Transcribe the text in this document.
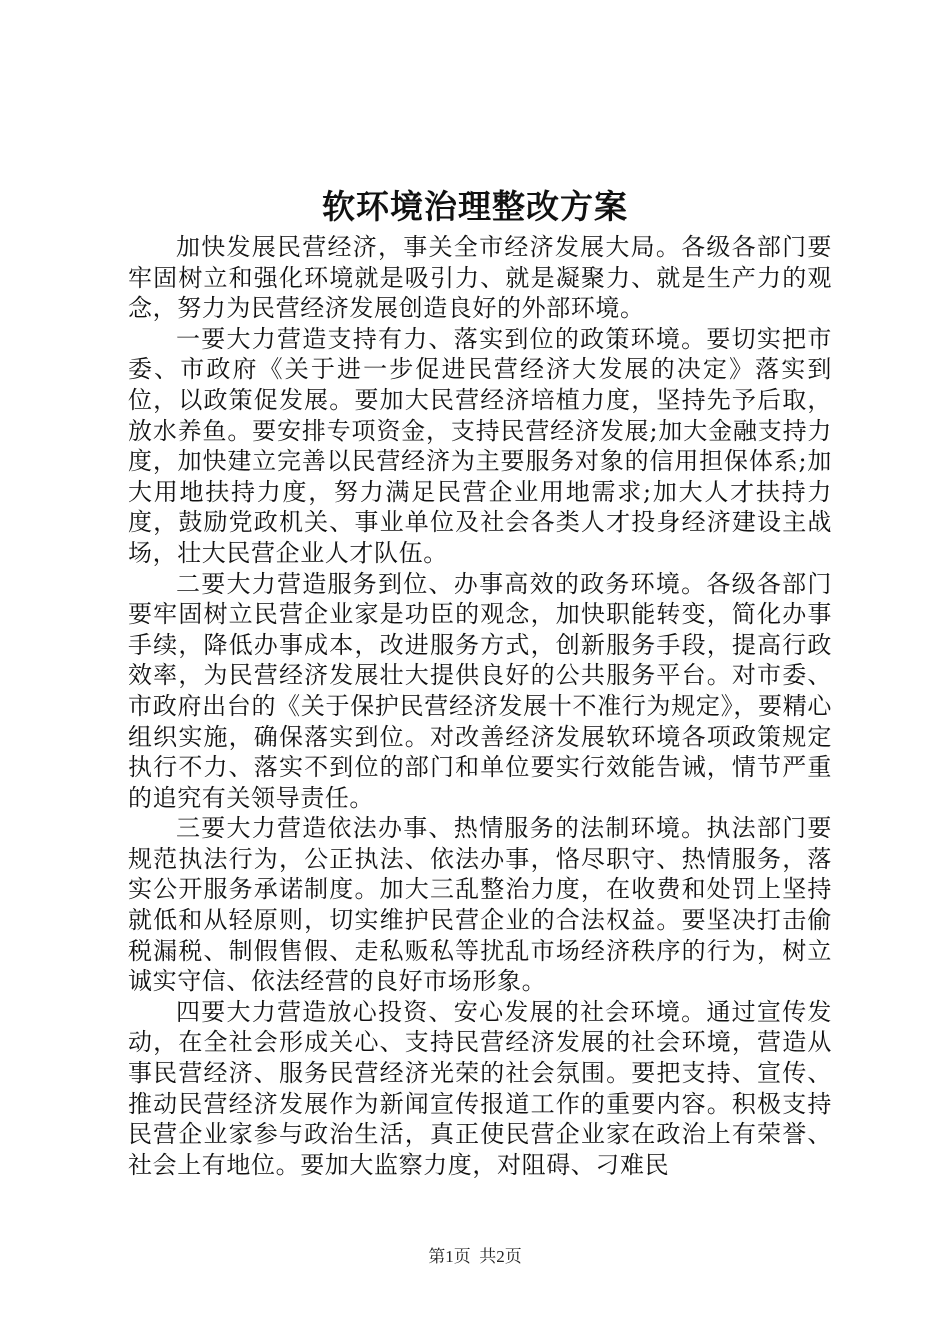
软环境治理整改方案

加快发展民营经济，事关全市经济发展大局。各级各部门要牢固树立和强化环境就是吸引力、就是凝聚力、就是生产力的观念，努力为民营经济发展创造良好的外部环境。

一要大力营造支持有力、落实到位的政策环境。要切实把市委、市政府《关于进一步促进民营经济大发展的决定》落实到位，以政策促发展。要加大民营经济培植力度，坚持先予后取，放水养鱼。要安排专项资金，支持民营经济发展;加大金融支持力度，加快建立完善以民营经济为主要服务对象的信用担保体系;加大用地扶持力度，努力满足民营企业用地需求;加大人才扶持力度，鼓励党政机关、事业单位及社会各类人才投身经济建设主战场，壮大民营企业人才队伍。

二要大力营造服务到位、办事高效的政务环境。各级各部门要牢固树立民营企业家是功臣的观念，加快职能转变，简化办事手续，降低办事成本，改进服务方式，创新服务手段，提高行政效率，为民营经济发展壮大提供良好的公共服务平台。对市委、市政府出台的《关于保护民营经济发展十不准行为规定》，要精心组织实施，确保落实到位。对改善经济发展软环境各项政策规定执行不力、落实不到位的部门和单位要实行效能告诫，情节严重的追究有关领导责任。

三要大力营造依法办事、热情服务的法制环境。执法部门要规范执法行为，公正执法、依法办事，恪尽职守、热情服务，落实公开服务承诺制度。加大三乱整治力度，在收费和处罚上坚持就低和从轻原则，切实维护民营企业的合法权益。要坚决打击偷税漏税、制假售假、走私贩私等扰乱市场经济秩序的行为，树立诚实守信、依法经营的良好市场形象。

四要大力营造放心投资、安心发展的社会环境。通过宣传发动，在全社会形成关心、支持民营经济发展的社会环境，营造从事民营经济、服务民营经济光荣的社会氛围。要把支持、宣传、推动民营经济发展作为新闻宣传报道工作的重要内容。积极支持民营企业家参与政治生活，真正使民营企业家在政治上有荣誉、社会上有地位。要加大监察力度，对阻碍、刁难民

第1页  共2页
